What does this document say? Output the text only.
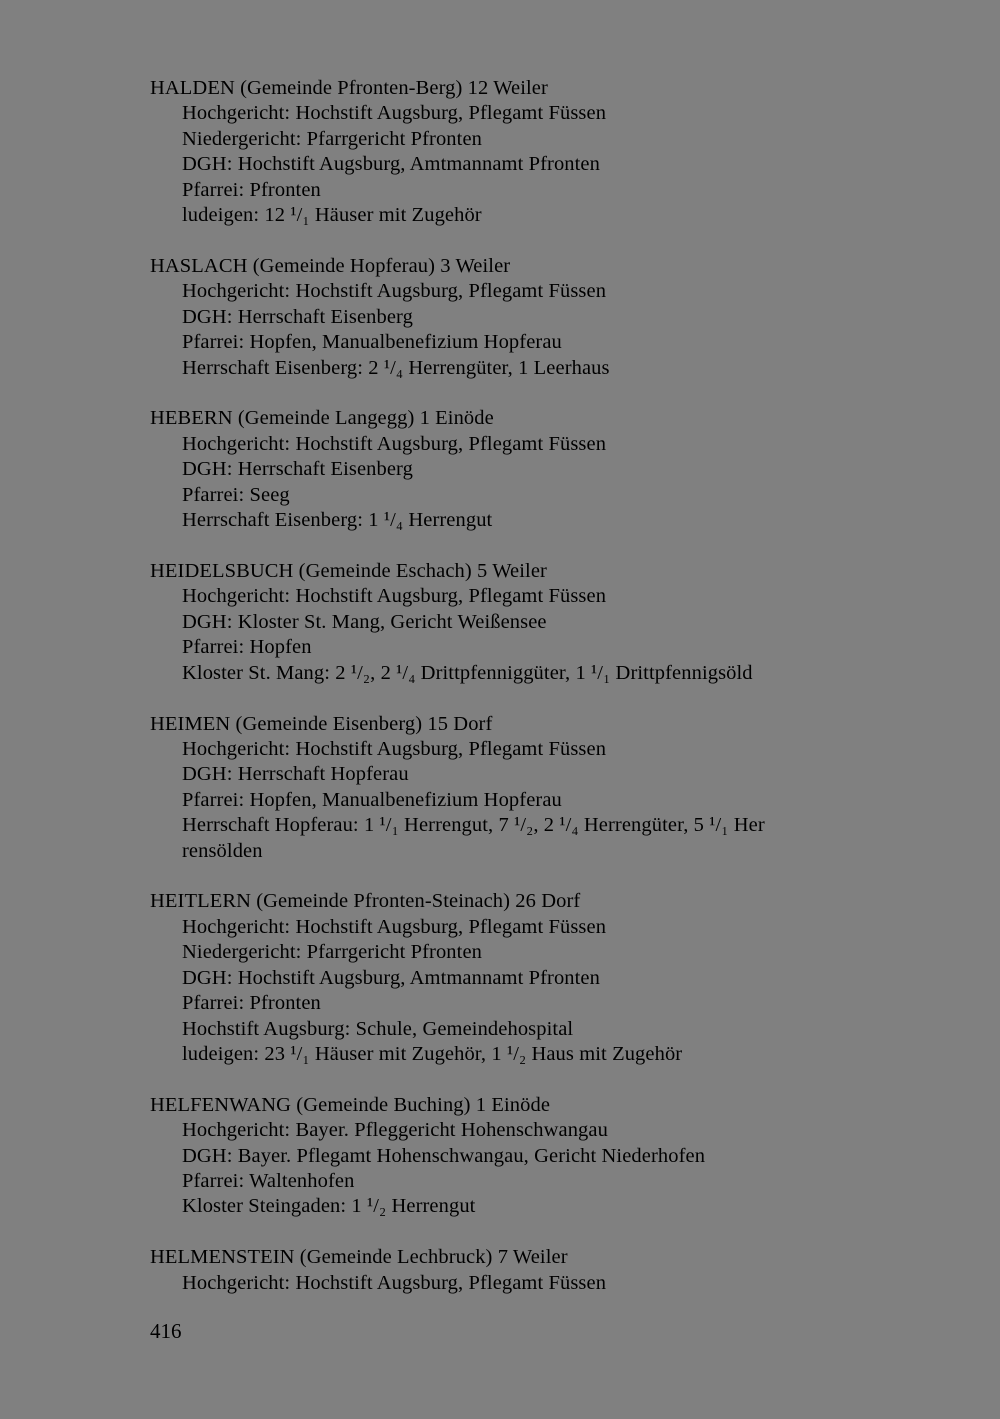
HALDEN (Gemeinde Pfronten-Berg) 12 Weiler
Hochgericht: Hochstift Augsburg, Pflegamt Füssen
Niedergericht: Pfarrgericht Pfronten
DGH: Hochstift Augsburg, Amtmannamt Pfronten
Pfarrei: Pfronten
ludeigen: 12 ¹/₁ Häuser mit Zugehör
HASLACH (Gemeinde Hopferau) 3 Weiler
Hochgericht: Hochstift Augsburg, Pflegamt Füssen
DGH: Herrschaft Eisenberg
Pfarrei: Hopfen, Manualbenefizium Hopferau
Herrschaft Eisenberg: 2 ¹/₄ Herrengüter, 1 Leerhaus
HEBERN (Gemeinde Langegg) 1 Einöde
Hochgericht: Hochstift Augsburg, Pflegamt Füssen
DGH: Herrschaft Eisenberg
Pfarrei: Seeg
Herrschaft Eisenberg: 1 ¹/₄ Herrengut
HEIDELSBUCH (Gemeinde Eschach) 5 Weiler
Hochgericht: Hochstift Augsburg, Pflegamt Füssen
DGH: Kloster St. Mang, Gericht Weißensee
Pfarrei: Hopfen
Kloster St. Mang: 2 ¹/₂, 2 ¹/₄ Drittpfenniggüter, 1 ¹/₁ Drittpfennigsöld
HEIMEN (Gemeinde Eisenberg) 15 Dorf
Hochgericht: Hochstift Augsburg, Pflegamt Füssen
DGH: Herrschaft Hopferau
Pfarrei: Hopfen, Manualbenefizium Hopferau
Herrschaft Hopferau: 1 ¹/₁ Herrengut, 7 ¹/₂, 2 ¹/₄ Herrengüter, 5 ¹/₁ Her
rensölden
HEITLERN (Gemeinde Pfronten-Steinach) 26 Dorf
Hochgericht: Hochstift Augsburg, Pflegamt Füssen
Niedergericht: Pfarrgericht Pfronten
DGH: Hochstift Augsburg, Amtmannamt Pfronten
Pfarrei: Pfronten
Hochstift Augsburg: Schule, Gemeindehospital
ludeigen: 23 ¹/₁ Häuser mit Zugehör, 1 ¹/₂ Haus mit Zugehör
HELFENWANG (Gemeinde Buching) 1 Einöde
Hochgericht: Bayer. Pfleggericht Hohenschwangau
DGH: Bayer. Pflegamt Hohenschwangau, Gericht Niederhofen
Pfarrei: Waltenhofen
Kloster Steingaden: 1 ¹/₂ Herrengut
HELMENSTEIN (Gemeinde Lechbruck) 7 Weiler
Hochgericht: Hochstift Augsburg, Pflegamt Füssen
416
